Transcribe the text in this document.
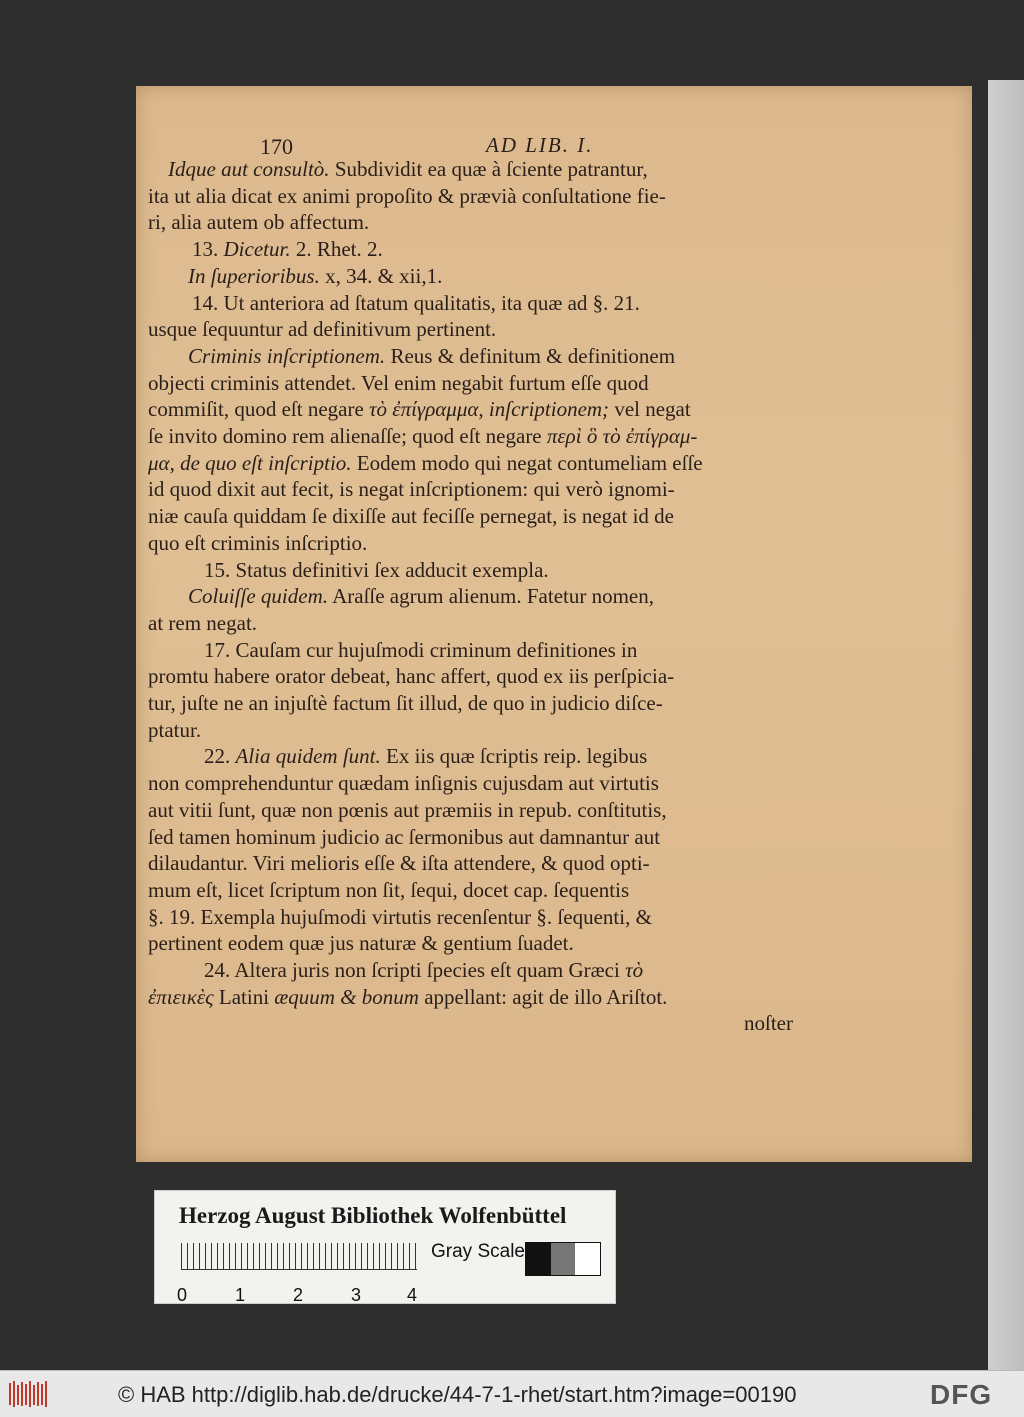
Idque aut consultò. Subdividit ea quæ à ſciente patrantur,
ita ut alia dicat ex animi propoſito & prævià conſultatione fie-
ri, alia autem ob affectum.
13. Dicetur. 2. Rhet. 2.
In ſuperioribus. x, 34. & xii,1.
14. Ut anteriora ad ſtatum qualitatis, ita quæ ad §. 21.
usque ſequuntur ad definitivum pertinent.
Criminis inſcriptionem. Reus & definitum & definitionem
objecti criminis attendet. Vel enim negabit furtum eſſe quod
commiſit, quod eſt negare τὸ ἐπίγραμμα, inſcriptionem; vel negat
ſe invito domino rem alienaſſe; quod eſt negare περὶ ὃ τὸ ἐπίγραμ-
μα, de quo eſt inſcriptio. Eodem modo qui negat contumeliam eſſe
id quod dixit aut fecit, is negat inſcriptionem: qui verò ignomi-
niæ cauſa quiddam ſe dixiſſe aut feciſſe pernegat, is negat id de
quo eſt criminis inſcriptio.
15. Status definitivi ſex adducit exempla.
Coluiſſe quidem. Araſſe agrum alienum. Fatetur nomen,
at rem negat.
17. Cauſam cur hujuſmodi criminum definitiones in
promtu habere orator debeat, hanc affert, quod ex iis perſpicia-
tur, juſte ne an injuſtè factum ſit illud, de quo in judicio diſce-
ptatur.
22. Alia quidem ſunt. Ex iis quæ ſcriptis reip. legibus
non comprehenduntur quædam inſignis cujusdam aut virtutis
aut vitii ſunt, quæ non pœnis aut præmiis in repub. conſtitutis,
ſed tamen hominum judicio ac ſermonibus aut damnantur aut
dilaudantur. Viri melioris eſſe & iſta attendere, & quod opti-
mum eſt, licet ſcriptum non ſit, ſequi, docet cap. ſequentis
§. 19. Exempla hujuſmodi virtutis recenſentur §. ſequenti, &
pertinent eodem quæ jus naturæ & gentium ſuadet.
24. Altera juris non ſcripti ſpecies eſt quam Græci τὸ
ἐπιεικὲς Latini æquum & bonum appellant: agit de illo Ariſtot.
noſter
170	AD LIB. I.
Herzog August Bibliothek Wolfenbüttel
0	1	2	3	4
Gray Scale
© HAB http://diglib.hab.de/drucke/44-7-1-rhet/start.htm?image=00190	DFG
